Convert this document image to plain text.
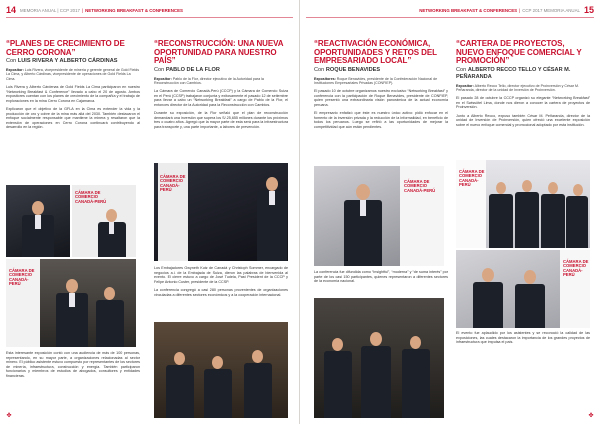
14 MEMORIA ANUAL | CCP 2017 | NETWORKING BREAKFAST & CONFERENCES
“PLANES DE CRECIMIENTO DE CERRO CORONA”
Con LUIS RIVERA Y ALBERTO CÁRDINAS
Expositor: Luis Rivera, vicepresidente de minería y gerente general de Gold Fields La Cima, y Alberto Cárdinas, vicepresidente de operaciones de Gold Fields La Cima.
Luis Rivera y Alberto Cárdenas de Gold Fields La Cima participaron en nuestro “Networking Breakfast & Conference” llevado a cabo el 20 de agosto. Ambos expositores cuentan con los planes de crecimiento de la compañía y el trabajo de exploraciones en la mina Cerro Corona en Cajamarca.
Explicaron que el objetivo de la GFLA en la Cima es extender la vida y la producción de oro y cobre de la mina más allá del 2030. También destacaron el enfoque socialmente responsable que mantiene la minera y resaltaron que la extensión de operaciones en Cerro Corona continuará contribuyendo al desarrollo en la región.
CÁMARA DE COMERCIO CANADÁ-PERÚ
CÁMARA DE COMERCIO CANADÁ-PERÚ
Esta interesante exposición contó con una audiencia de más de 100 personas, representando, en su mayor parte, a organizaciones relacionadas al sector minero. El público asistente estuvo compuesto por representantes de los sectores de minería, infraestructura, construcción y energía. También participaron funcionarios y miembros de estudios de abogados, consultores y entidades financieras.
“RECONSTRUCCIÓN: UNA NUEVA OPORTUNIDAD PARA NUESTRO PAÍS”
Con PABLO DE LA FLOR
Expositor: Pablo de la Flor, director ejecutivo de la Autoridad para la Reconstrucción con Cambios.
La Cámara de Comercio Canadá-Perú (CCCP) y la Cámara de Comercio Suiza en el Perú (CCSP) trabajaron conjunta y exitosamente el pasado 12 de setiembre para llevar a cabo un “Networking Breakfast” a cargo de Pablo de la Flor, el entonces director de la Autoridad para la Reconstrucción con Cambios.
Durante su exposición, de la Flor señaló que el plan de reconstrucción demandará una inversión que supera los S/.25,655 millones durante los próximos tres o cuatro años. Agregó que la mayor parte de esta será para la infraestructura para transporte y, una parte importante, a labores de prevención.
CÁMARA DE COMERCIO CANADÁ-PERÚ
Los Embajadores Gwyneth Kutz de Canadá y Christoph Sommer, encargado de negocios a.i. de la Embajada de Suiza, dieron las palabras de bienvenida al evento. El cierre estuvo a cargo de José Tudela, Past President de la CCCP y Felipe Antonio Custer, presidente de la CCSP.
La conferencia congregó a casi 280 personas provenientes de organizaciones vinculadas a diferentes sectores económicos y a la cooperación internacional.
✤
NETWORKING BREAKFAST & CONFERENCES | CCP 2017 MEMORIA ANUAL 15
“REACTIVACIÓN ECONÓMICA, OPORTUNIDADES Y RETOS DEL EMPRESARIADO LOCAL”
Con ROQUE BENAVIDES
Expositores: Roque Benavides, presidente de la Confederación Nacional de Instituciones Empresariales Privadas (CONFIEP).
El pasado 10 de octubre organizamos nuestro exclusivo “Networking Breakfast” y conferencia con la participación de Roque Benavides, presidente de CONFIEP, quien presentó una extraordinaria visión panorámica de la actual economía peruana.
El empresario enfatizó que éste es nuestro único activo: pidió enfocar en el fomento de la inversión privada y la reducción de la informalidad, en beneficio de todos los peruanos. Luego se refirió a las oportunidades de mejorar la competitividad que aún están pendientes.
CÁMARA DE COMERCIO CANADÁ-PERÚ
La conferencia fue difundida como “Insightful”, “moderna” y “de suma interés” por parte de los casi 150 participantes, quienes representaron a diferentes sectores de la economía nacional.
“CARTERA DE PROYECTOS, NUEVO ENFOQUE COMERCIAL Y PROMOCIÓN”
Con ALBERTO RECCO TELLO Y CÉSAR M. PEÑARANDA
Expositor: Alberto Recco Tello, director ejecutivo de Proinversión y César M. Peñaranda, director de la unidad de Inversión de Proinversión.
El pasado 28 de octubre la CCCP organizó su elegante “Networking Breakfast” en el Swissôtel Lima, donde nos dieron a conocer la cartera de proyectos de Proinversión.
Junto a Alberto Recco, expuso también César M. Peñaranda, director de la unidad de Inversión de Proinversión, quien ofreció una excelente exposición sobre el nuevo enfoque comercial y promocional adoptado por esta institución.
CÁMARA DE COMERCIO CANADÁ-PERÚ
CÁMARA DE COMERCIO CANADÁ-PERÚ
El evento fue aplaudido por los asistentes y se reconoció la calidad de las exposiciones, las cuales destacaron la importancia de los grandes proyectos de infraestructura que impulsa el país.
✤
